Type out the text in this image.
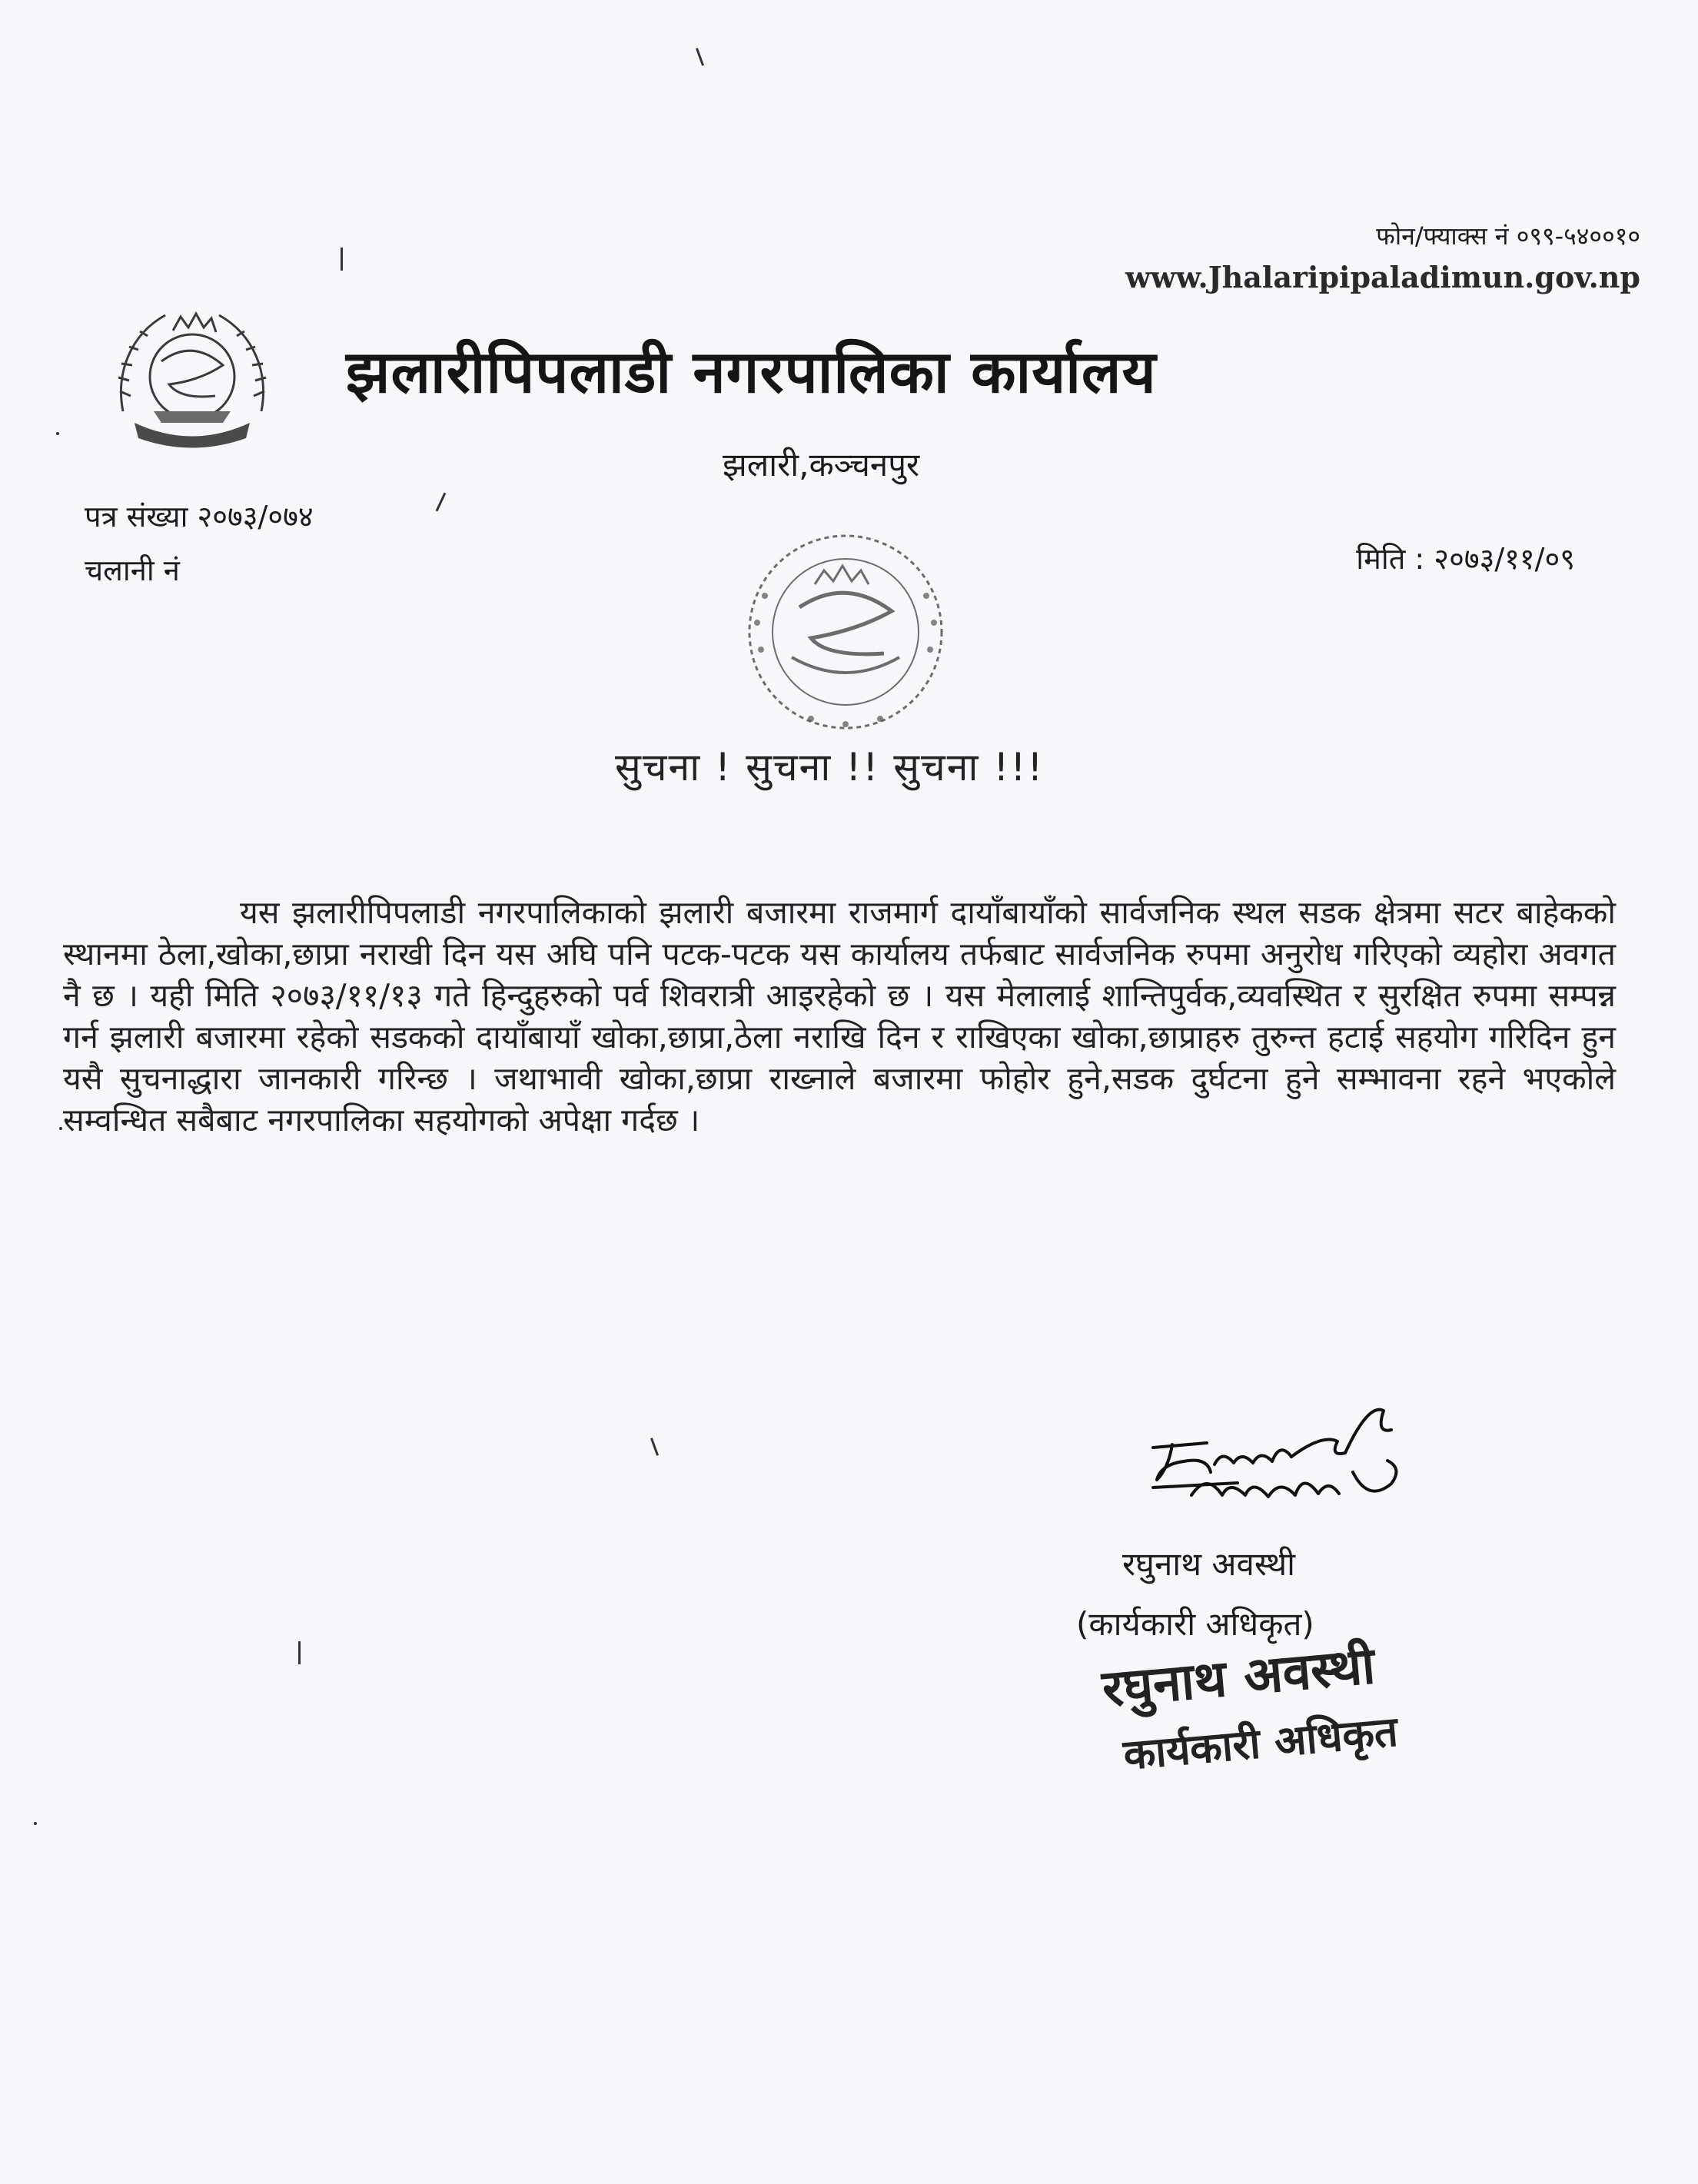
फोन/फ्याक्स नं ०९९-५४००१०
www.Jhalaripipaladimun.gov.np
झलारीपिपलाडी नगरपालिका कार्यालय
झलारी,कञ्चनपुर
पत्र संख्या २०७३/०७४
चलानी नं	मिति : २०७३/११/०९
सुचना ! सुचना !! सुचना !!!
यस झलारीपिपलाडी नगरपालिकाको झलारी बजारमा राजमार्ग दायाँबायाँको सार्वजनिक स्थल सडक क्षेत्रमा सटर बाहेकको स्थानमा ठेला,खोका,छाप्रा नराखी दिन यस अघि पनि पटक-पटक यस कार्यालय तर्फबाट सार्वजनिक रुपमा अनुरोध गरिएको व्यहोरा अवगत नै छ । यही मिति २०७३/११/१३ गते हिन्दुहरुको पर्व शिवरात्री आइरहेको छ । यस मेलालाई शान्तिपुर्वक,व्यवस्थित र सुरक्षित रुपमा सम्पन्न गर्न झलारी बजारमा रहेको सडकको दायाँबायाँ खोका,छाप्रा,ठेला नराखि दिन र राखिएका खोका,छाप्राहरु तुरुन्त हटाई सहयोग गरिदिन हुन यसै सुचनाद्धारा जानकारी गरिन्छ । जथाभावी खोका,छाप्रा राख्नाले बजारमा फोहोर हुने,सडक दुर्घटना हुने सम्भावना रहने भएकोले सम्वन्धित सबैबाट नगरपालिका सहयोगको अपेक्षा गर्दछ ।
रघुनाथ अवस्थी
(कार्यकारी अधिकृत)
रघुनाथ अवस्थी
कार्यकारी अधिकृत
